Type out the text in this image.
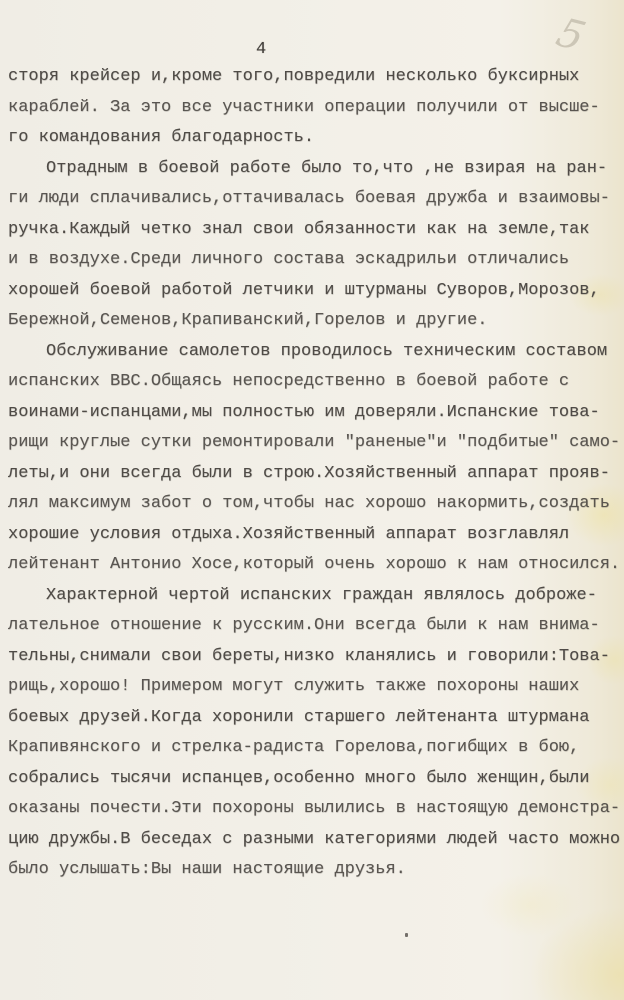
4	5
сторя крейсер и,кроме того,повредили несколько буксирных
караблей. За это все участники операции получили от высше-
го командования благодарность.
Отрадным в боевой работе было то,что ,не взирая на ран-
ги люди сплачивались,оттачивалась боевая дружба и взаимовы-
ручка.Каждый четко знал свои обязанности как на земле,так
и в воздухе.Среди личного состава эскадрильи отличались
хорошей боевой работой летчики и штурманы Суворов,Морозов,
Бережной,Семенов,Крапиванский,Горелов и другие.
Обслуживание самолетов проводилось техническим составом
испанских ВВС.Общаясь непосредственно в боевой работе с
воинами-испанцами,мы полностью им доверяли.Испанские това-
рищи круглые сутки ремонтировали "раненые"и "подбитые" само-
леты,и они всегда были в строю.Хозяйственный аппарат прояв-
лял максимум забот о том,чтобы нас хорошо накормить,создать
хорошие условия отдыха.Хозяйственный аппарат возглавлял
лейтенант Антонио Хосе,который очень хорошо к нам относился.
Характерной чертой испанских граждан являлось доброже-
лательное отношение к русским.Они всегда были к нам внима-
тельны,снимали свои береты,низко кланялись и говорили:Това-
рищь,хорошо! Примером могут служить также похороны наших
боевых друзей.Когда хоронили старшего лейтенанта штурмана
Крапивянского и стрелка-радиста Горелова,погибщих в бою,
собрались тысячи испанцев,особенно много было женщин,были
оказаны почести.Эти похороны вылились в настоящую демонстра-
цию дружбы.В беседах с разными категориями людей часто можно
было услышать:Вы наши настоящие друзья.
